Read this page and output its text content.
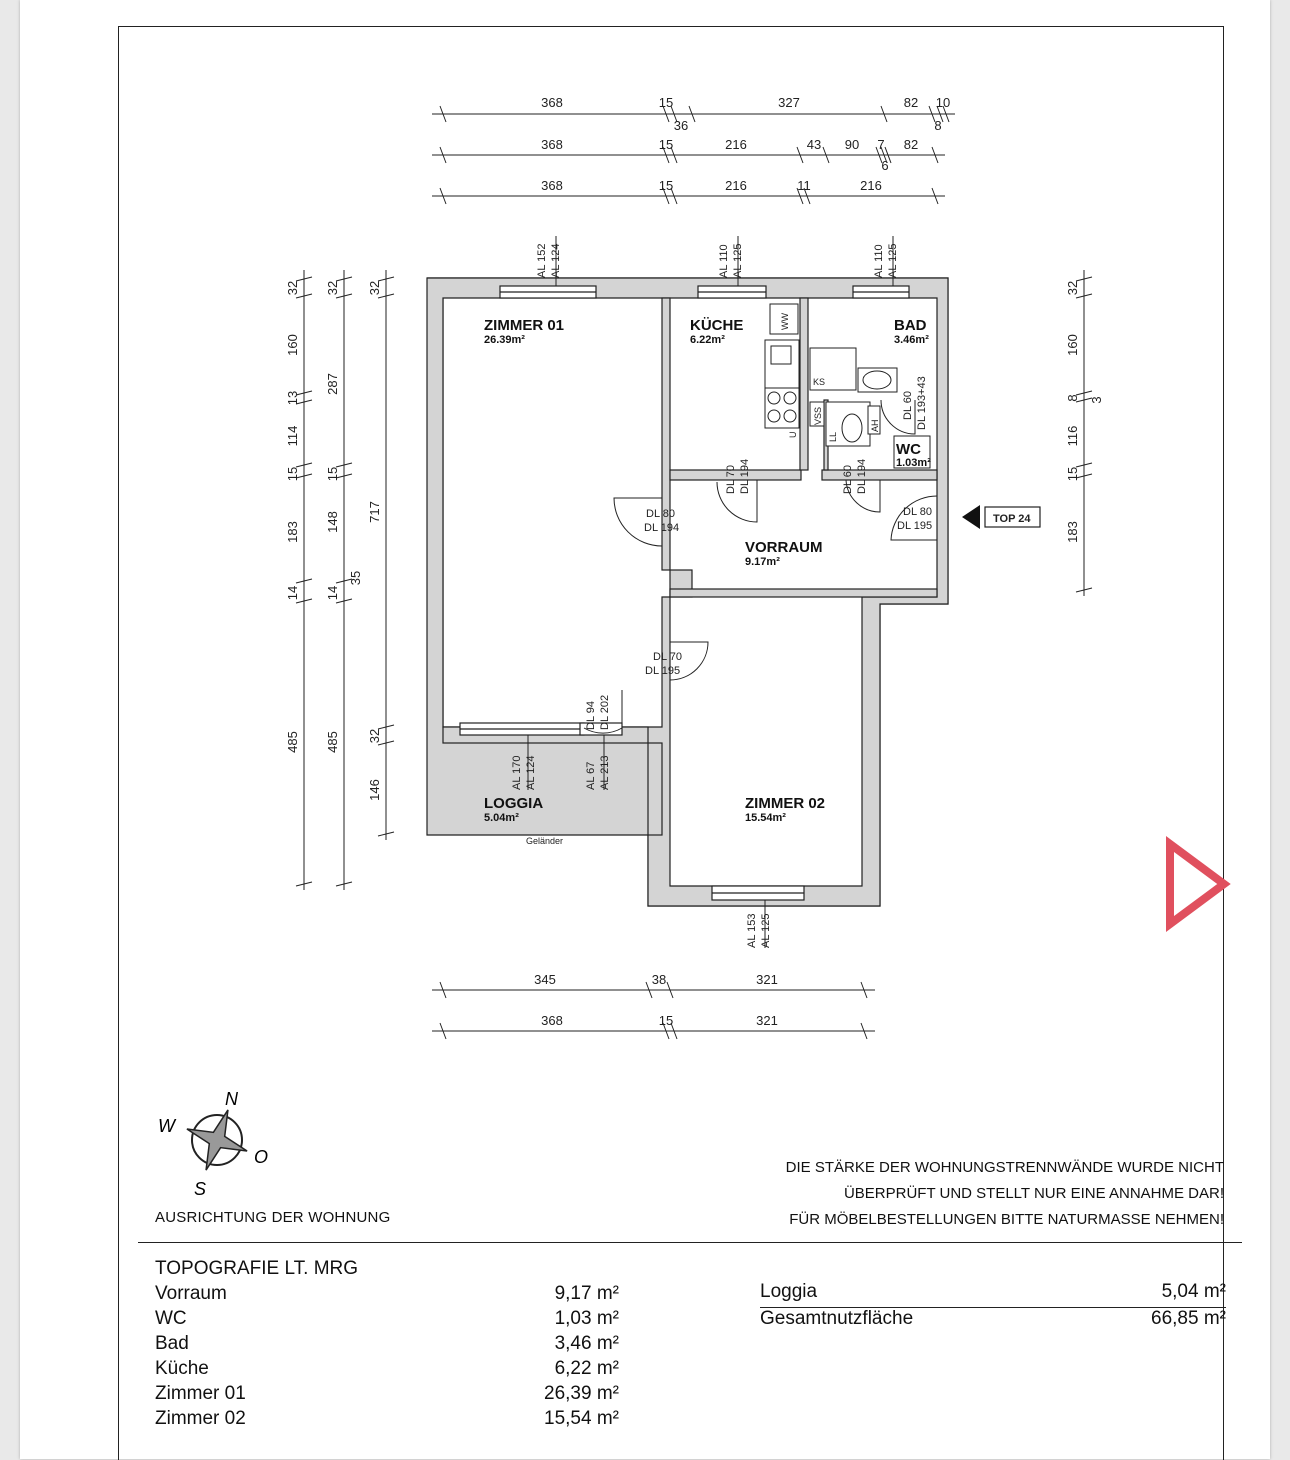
368	15
36
327	82 10
8
368	15	216	43 90 7
6
82
368	15	216	11	216
32
160
13
114
15
183
14
485
32
287
15
148
14
35
485
32
717
32
146
32
160
8 3
116
15
183
AL 152 AL 124	AL 110 AL 125	AL 110 AL 125
AL 170 AL 124	AL 67 AL 213
DL 94 DL 202
AL 153 AL 125
DL 80
DL 194
DL 70 DL 194	DL 60 DL 194
DL 60 DL 193+43
DL 80
DL 195
DL 70
DL 195
WW
U
KS
VSS
LL
AH
ZIMMER 01
26.39m²
KÜCHE
6.22m²
BAD
3.46m²
WC
1.03m²
VORRAUM
9.17m²
LOGGIA
5.04m²
ZIMMER 02
15.54m²
Geländer
TOP 24
345	38	321
368	15	321
N
W
O
S
AUSRICHTUNG DER WOHNUNG
DIE STÄRKE DER WOHNUNGSTRENNWÄNDE WURDE NICHT
ÜBERPRÜFT UND STELLT NUR EINE ANNAHME DAR!
FÜR MÖBELBESTELLUNGEN BITTE NATURMASSE NEHMEN!
TOPOGRAFIE LT. MRG
Vorraum	9,17 m²
WC	1,03 m²
Bad	3,46 m²
Küche	6,22 m²
Zimmer 01	26,39 m²
Zimmer 02	15,54 m²
Loggia	5,04 m²
Gesamtnutzfläche	66,85 m²
